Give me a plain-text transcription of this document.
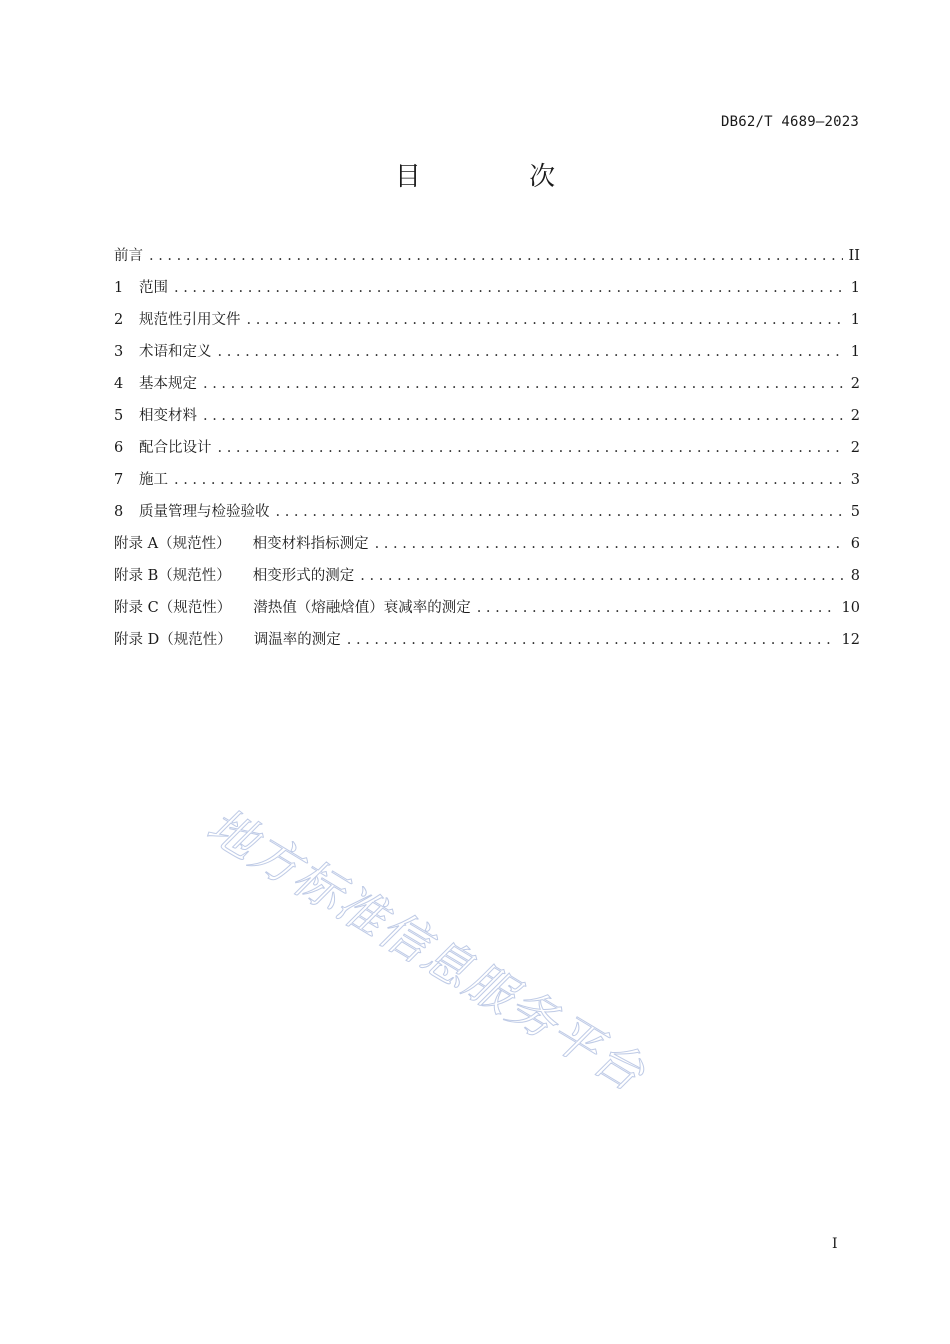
DB62/T 4689—2023
目 次
前言 . . .	II
1	范围 . . .	1
2	规范性引用文件 . . .	1
3	术语和定义 . . .	1
4	基本规定 . . .	2
5	相变材料 . . .	2
6	配合比设计 . . .	2
7	施工 . . .	3
8	质量管理与检验验收 . . .	5
附录 A（规范性） 相变材料指标测定 . . .	6
附录 B（规范性） 相变形式的测定 . . .	8
附录 C（规范性） 潜热值（熔融焓值）衰减率的测定 . . .	10
附录 D（规范性） 调温率的测定 . . .	12
地方标准信息服务平台
I
